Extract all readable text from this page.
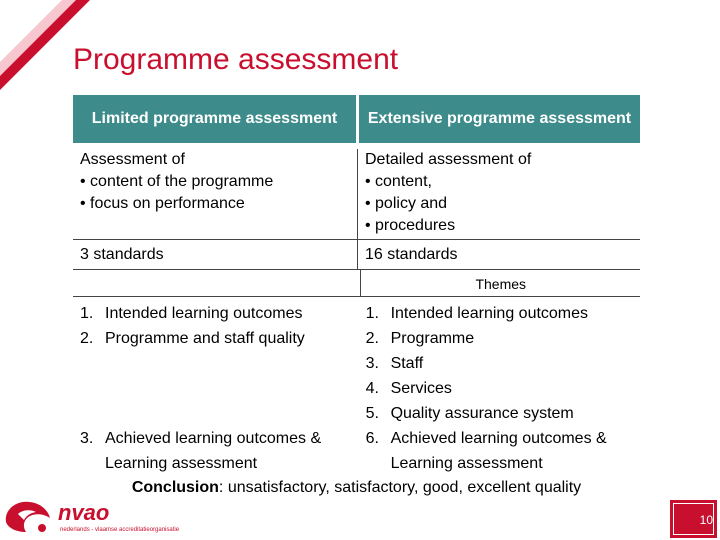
Programme assessment
Limited programme assessment	Extensive programme assessment
Assessment of
• content of the programme
• focus on performance
Detailed assessment of
• content,
• policy and
• procedures
3 standards	16 standards
Themes
1. Intended learning outcomes
2. Programme and staff quality
3. Achieved learning outcomes &
Learning assessment
1. Intended learning outcomes
2. Programme
3. Staff
4. Services
5. Quality assurance system
6. Achieved learning outcomes &
Learning assessment
Conclusion: unsatisfactory, satisfactory, good, excellent quality
nvao
nederlands - vlaamse accreditatieorganisatie
10
